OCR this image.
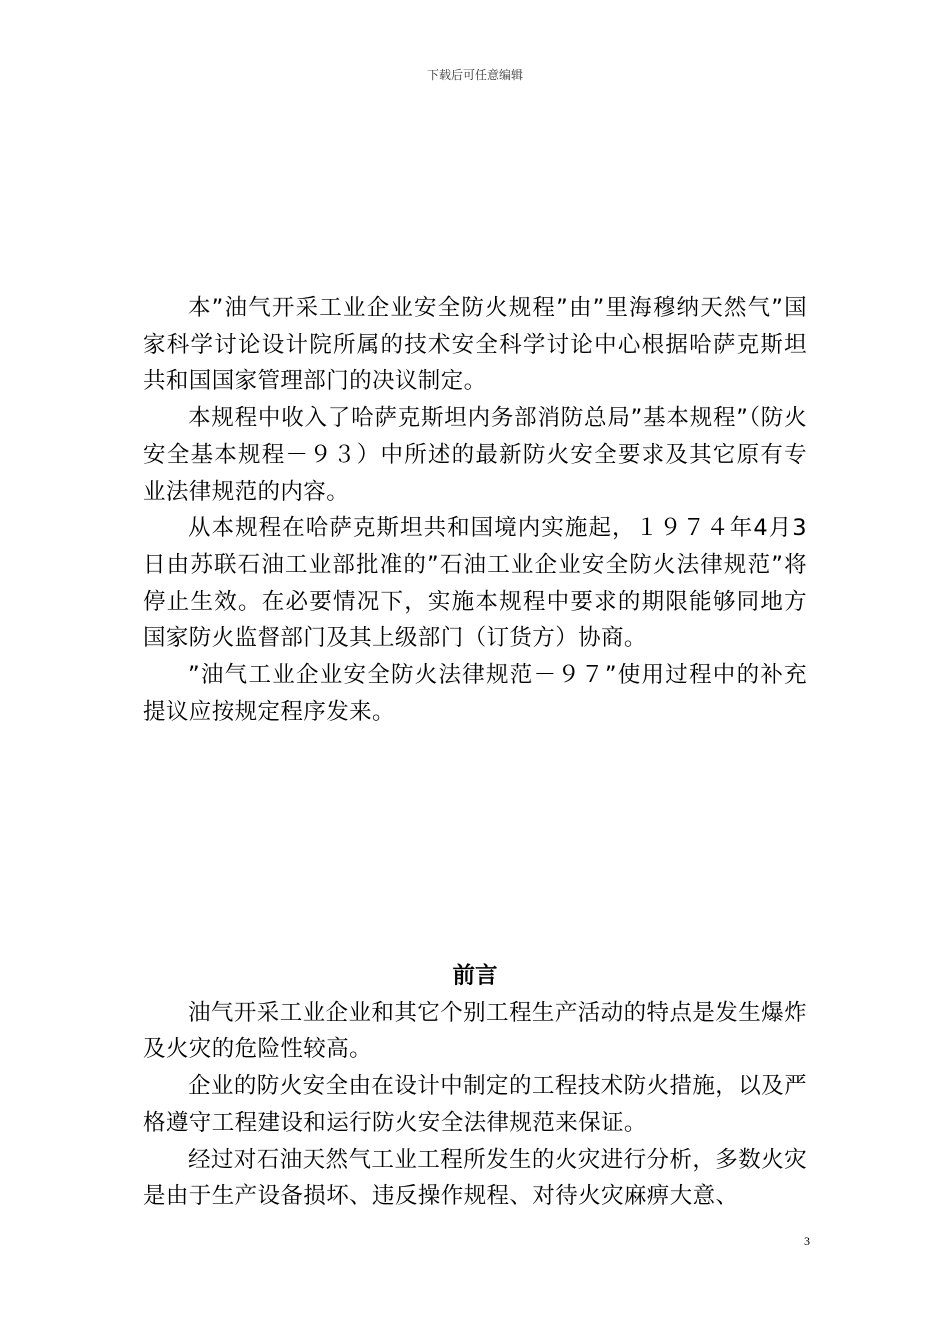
下载后可任意编辑

本”油气开采工业企业安全防火规程”由”里海穆纳天然气”国家科学讨论设计院所属的技术安全科学讨论中心根据哈萨克斯坦共和国国家管理部门的决议制定。

本规程中收入了哈萨克斯坦内务部消防总局”基本规程”（防火安全基本规程－９３）中所述的最新防火安全要求及其它原有专业法律规范的内容。

从本规程在哈萨克斯坦共和国境内实施起，１９７４年4月3日由苏联石油工业部批准的”石油工业企业安全防火法律规范”将停止生效。在必要情况下，实施本规程中要求的期限能够同地方国家防火监督部门及其上级部门（订货方）协商。

”油气工业企业安全防火法律规范－９７”使用过程中的补充提议应按规定程序发来。

前言

油气开采工业企业和其它个别工程生产活动的特点是发生爆炸及火灾的危险性较高。

企业的防火安全由在设计中制定的工程技术防火措施，以及严格遵守工程建设和运行防火安全法律规范来保证。

经过对石油天然气工业工程所发生的火灾进行分析，多数火灾是由于生产设备损坏、违反操作规程、对待火灾麻痹大意、

3
